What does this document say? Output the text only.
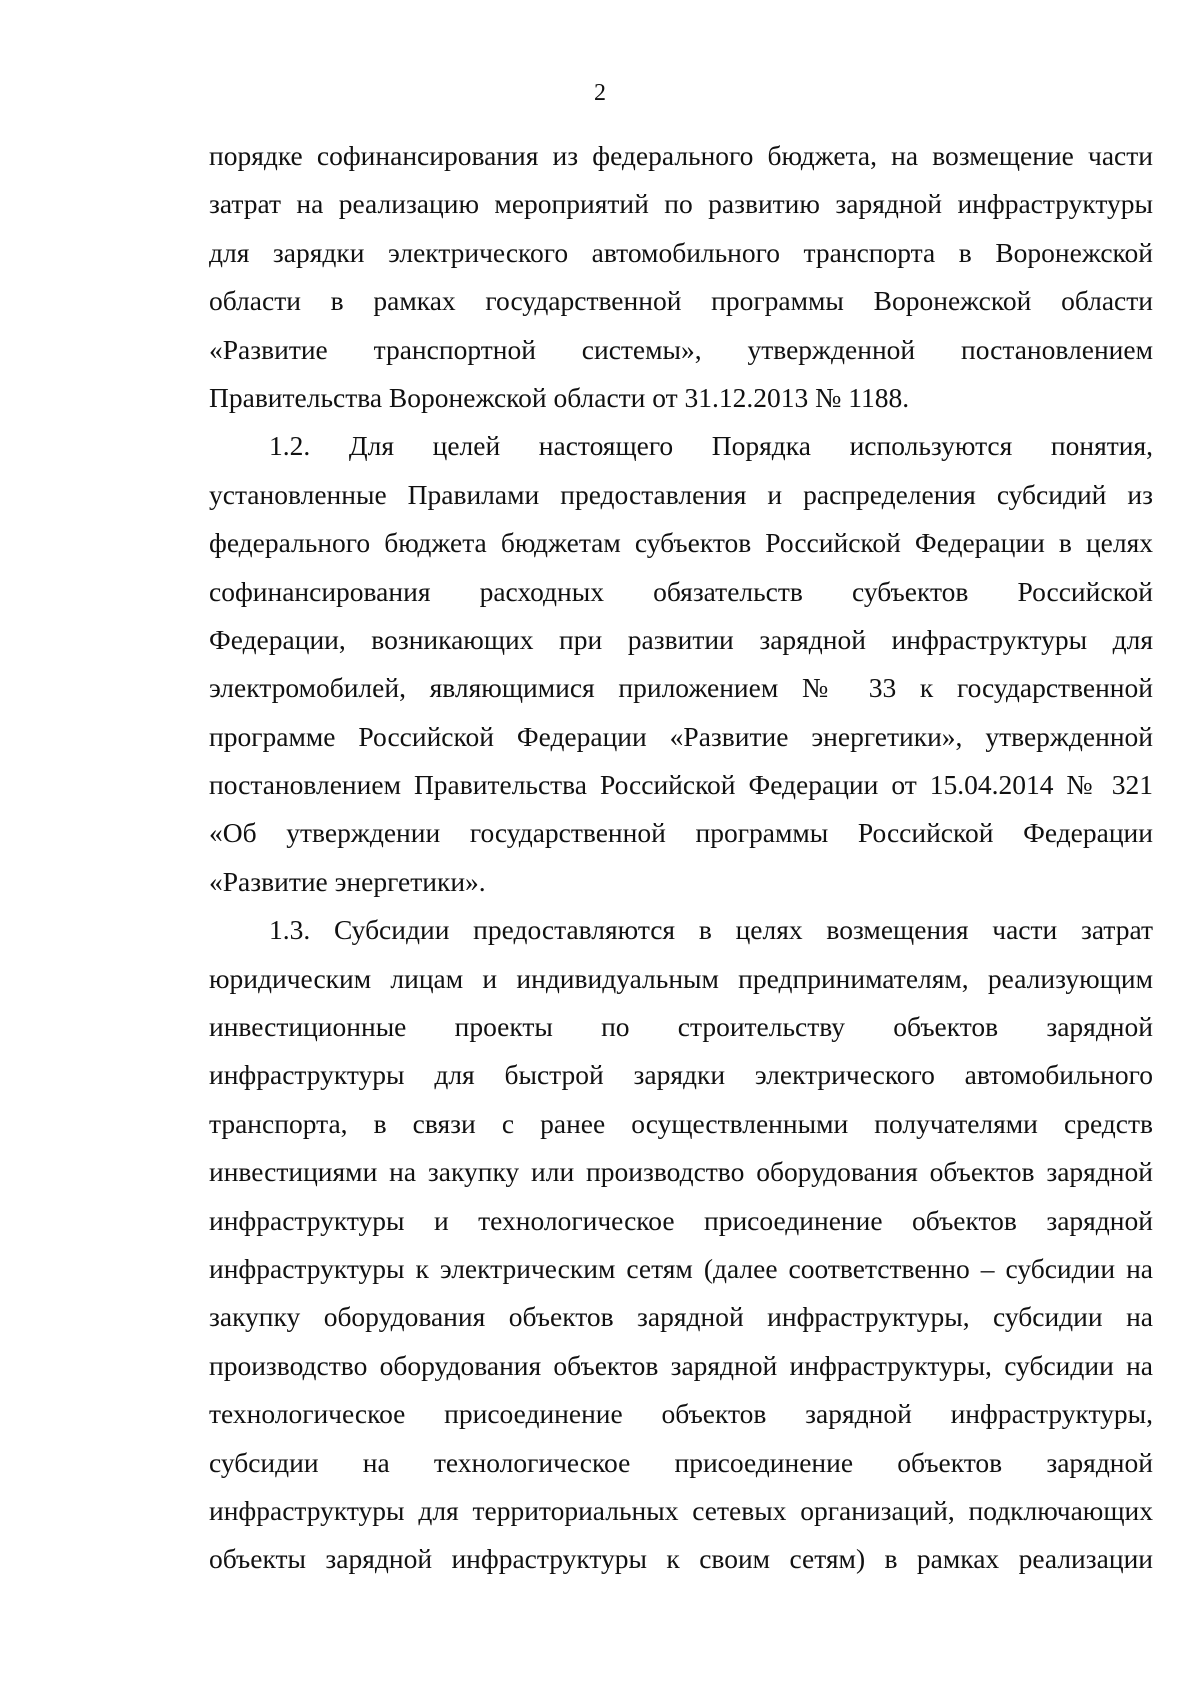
2
порядке софинансирования из федерального бюджета, на возмещение части
затрат на реализацию мероприятий по развитию зарядной инфраструктуры
для зарядки электрического автомобильного транспорта в Воронежской
области в рамках государственной программы Воронежской области
«Развитие транспортной системы», утвержденной постановлением
Правительства Воронежской области от 31.12.2013 № 1188.
1.2. Для целей настоящего Порядка используются понятия,
установленные Правилами предоставления и распределения субсидий из
федерального бюджета бюджетам субъектов Российской Федерации в целях
софинансирования расходных обязательств субъектов Российской
Федерации, возникающих при развитии зарядной инфраструктуры для
электромобилей, являющимися приложением № 33 к государственной
программе Российской Федерации «Развитие энергетики», утвержденной
постановлением Правительства Российской Федерации от 15.04.2014 № 321
«Об утверждении государственной программы Российской Федерации
«Развитие энергетики».
1.3. Субсидии предоставляются в целях возмещения части затрат
юридическим лицам и индивидуальным предпринимателям, реализующим
инвестиционные проекты по строительству объектов зарядной
инфраструктуры для быстрой зарядки электрического автомобильного
транспорта, в связи с ранее осуществленными получателями средств
инвестициями на закупку или производство оборудования объектов зарядной
инфраструктуры и технологическое присоединение объектов зарядной
инфраструктуры к электрическим сетям (далее соответственно – субсидии на
закупку оборудования объектов зарядной инфраструктуры, субсидии на
производство оборудования объектов зарядной инфраструктуры, субсидии на
технологическое присоединение объектов зарядной инфраструктуры,
субсидии на технологическое присоединение объектов зарядной
инфраструктуры для территориальных сетевых организаций, подключающих
объекты зарядной инфраструктуры к своим сетям) в рамках реализации
